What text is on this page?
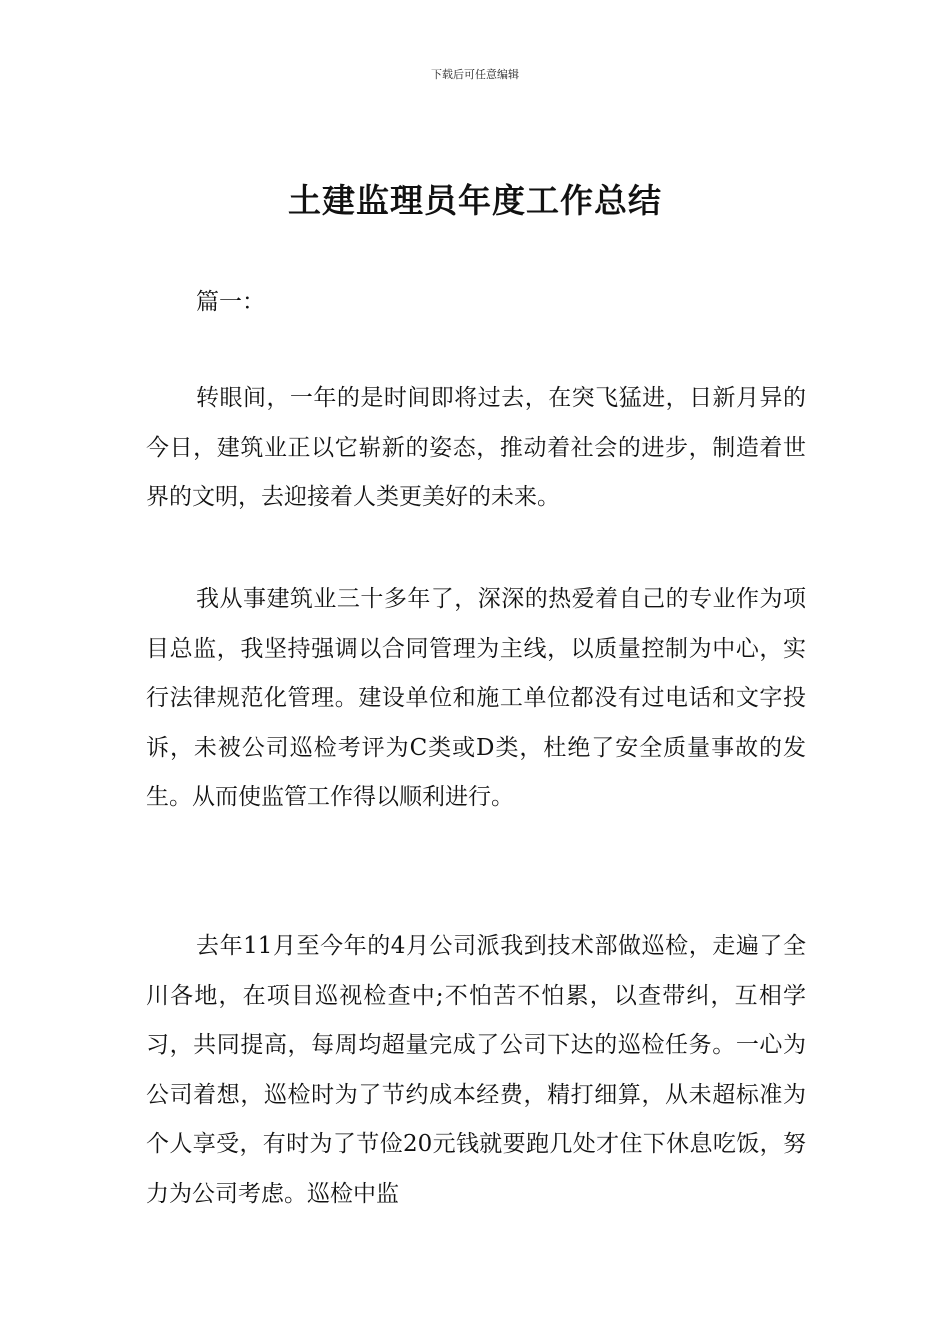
下载后可任意编辑
土建监理员年度工作总结
篇一：
转眼间，一年的是时间即将过去，在突飞猛进，日新月异的今日，建筑业正以它崭新的姿态，推动着社会的进步，制造着世界的文明，去迎接着人类更美好的未来。
我从事建筑业三十多年了，深深的热爱着自己的专业作为项目总监，我坚持强调以合同管理为主线，以质量控制为中心，实行法律规范化管理。建设单位和施工单位都没有过电话和文字投诉，未被公司巡检考评为C类或D类，杜绝了安全质量事故的发生。从而使监管工作得以顺利进行。
去年11月至今年的4月公司派我到技术部做巡检，走遍了全川各地，在项目巡视检查中;不怕苦不怕累，以查带纠，互相学习，共同提高，每周均超量完成了公司下达的巡检任务。一心为公司着想，巡检时为了节约成本经费，精打细算，从未超标准为个人享受，有时为了节俭20元钱就要跑几处才住下休息吃饭，努力为公司考虑。巡检中监
